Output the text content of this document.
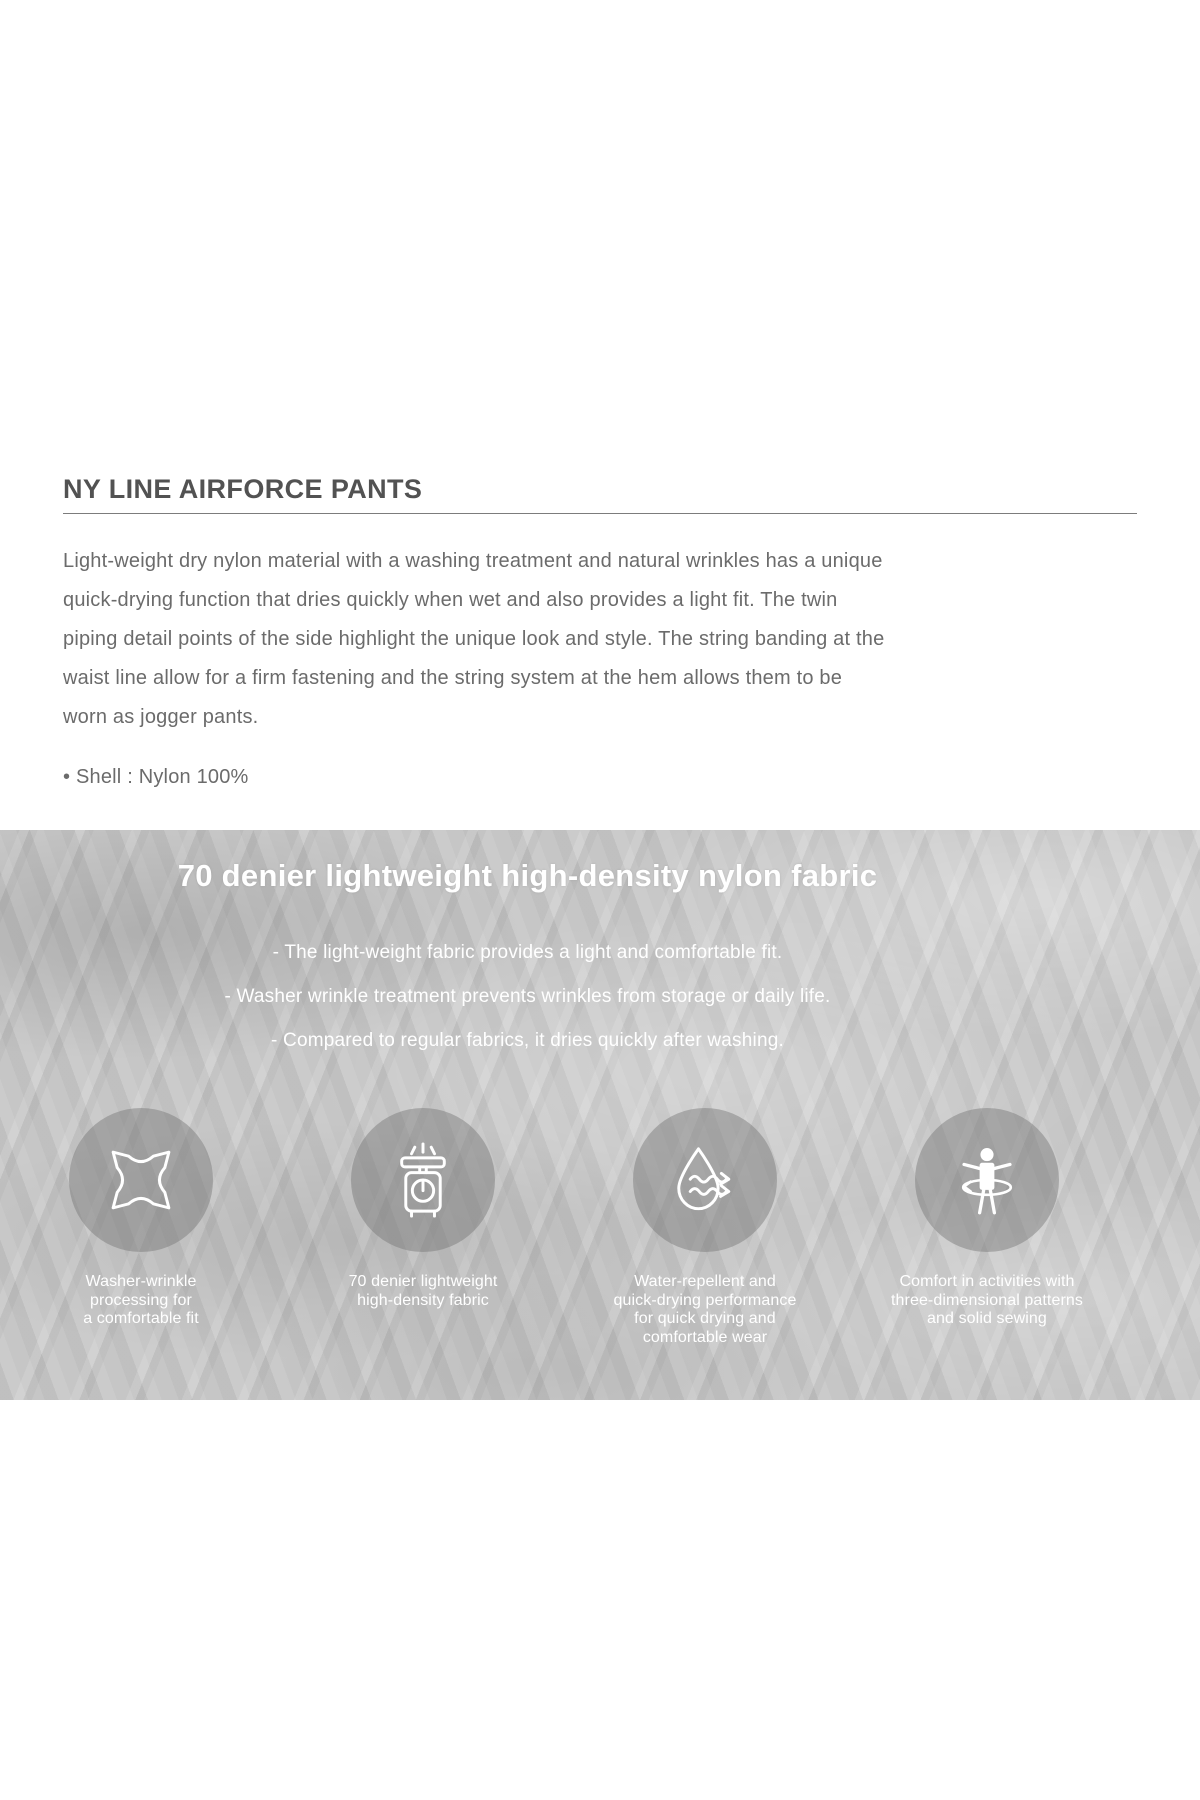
NY LINE AIRFORCE PANTS
Light-weight dry nylon material with a washing treatment and natural wrinkles has a unique
quick-drying function that dries quickly when wet and also provides a light fit. The twin
piping detail points of the side highlight the unique look and style. The string banding at the
waist line allow for a firm fastening and the string system at the hem allows them to be
worn as jogger pants.
• Shell : Nylon 100%
70 denier lightweight high-density nylon fabric
- The light-weight fabric provides a light and comfortable fit.
- Washer wrinkle treatment prevents wrinkles from storage or daily life.
- Compared to regular fabrics, it dries quickly after washing.
Washer-wrinkle
processing for
a comfortable fit
70 denier lightweight
high-density fabric
Water-repellent and
quick-drying performance
for quick drying and
comfortable wear
Comfort in activities with
three-dimensional patterns
and solid sewing
